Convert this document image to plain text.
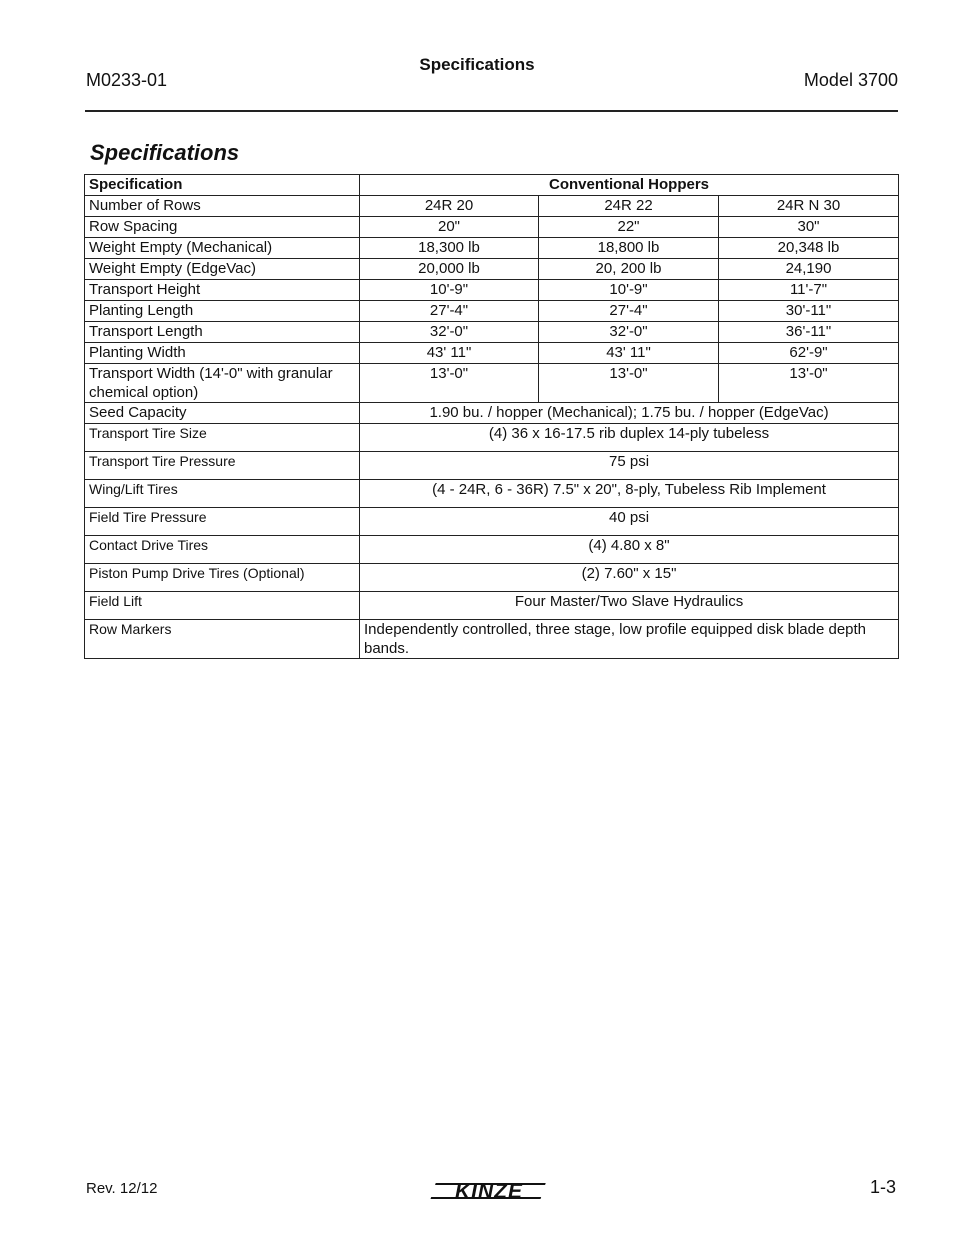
M0233-01
Specifications
Model 3700
Specifications
Specification	Conventional Hoppers		
Number of Rows	24R 20	24R 22	24R N 30
Row Spacing	20"	22"	30"
Weight Empty (Mechanical)	18,300 lb	18,800 lb	20,348 lb
Weight Empty (EdgeVac)	20,000 lb	20, 200 lb	24,190
Transport Height	10'-9"	10'-9"	11'-7"
Planting Length	27'-4"	27'-4"	30'-11"
Transport Length	32'-0"	32'-0"	36'-11"
Planting Width	43' 11"	43' 11"	62'-9"
Transport Width (14'-0" with granular chemical option)	13'-0"	13'-0"	13'-0"
Seed Capacity	1.90 bu. / hopper (Mechanical); 1.75 bu. / hopper (EdgeVac)		
Transport Tire Size	(4) 36 x 16-17.5 rib duplex 14-ply tubeless		
Transport Tire Pressure	75 psi		
Wing/Lift Tires	(4 - 24R, 6 - 36R) 7.5" x 20", 8-ply, Tubeless Rib Implement		
Field Tire Pressure	40 psi		
Contact Drive Tires	(4) 4.80 x 8"		
Piston Pump Drive Tires (Optional)	(2) 7.60" x 15"		
Field Lift	Four Master/Two Slave Hydraulics		
Row Markers	Independently controlled, three stage, low profile equipped disk blade depth bands.		
Rev. 12/12	KINZE	1-3
